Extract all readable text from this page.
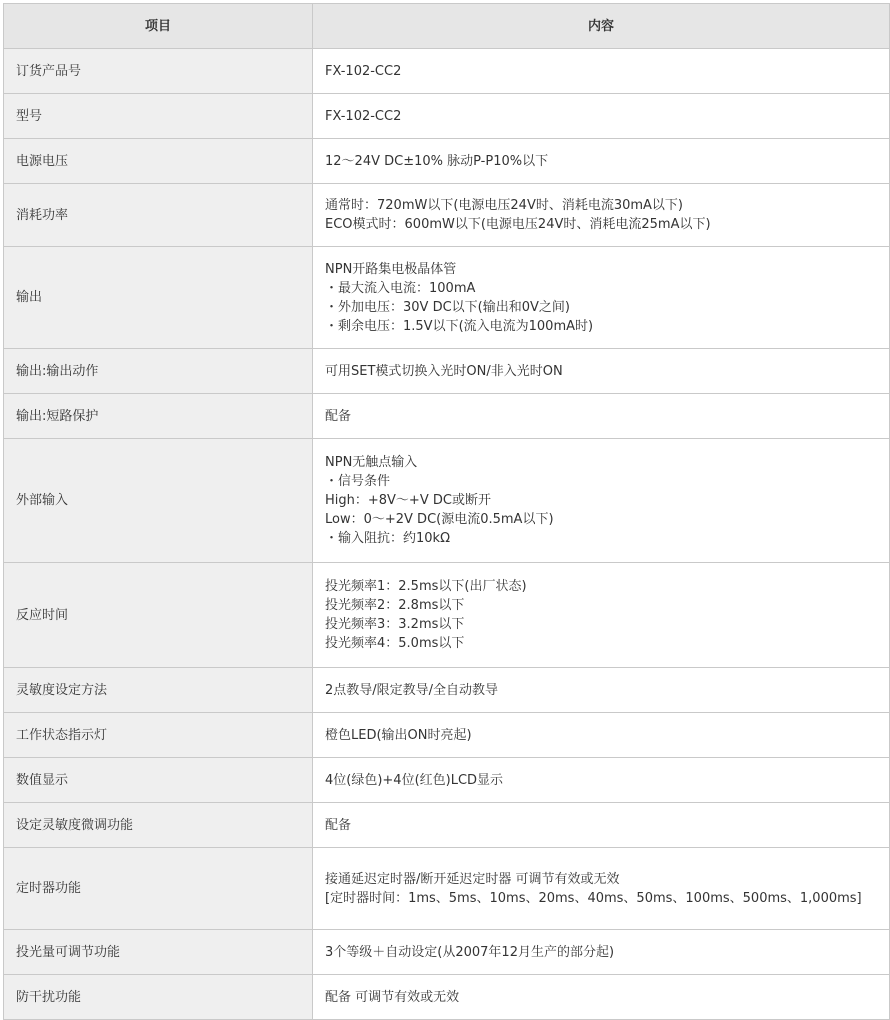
项目	内容
订货产品号	FX-102-CC2

型号	FX-102-CC2

电源电压	12～24V DC±10% 脉动P-P10%以下

消耗功率	通常时：720mW以下(电源电压24V时、消耗电流30mA以下)
ECO模式时：600mW以下(电源电压24V时、消耗电流25mA以下)

输出	NPN开路集电极晶体管
・最大流入电流：100mA
・外加电压：30V DC以下(输出和0V之间)
・剩余电压：1.5V以下(流入电流为100mA时)

输出:输出动作	可用SET模式切换入光时ON/非入光时ON

输出:短路保护	配备

外部输入	NPN无触点输入
・信号条件
High：+8V～+V DC或断开
Low：0～+2V DC(源电流0.5mA以下)
・输入阻抗：约10kΩ

反应时间	投光频率1：2.5ms以下(出厂状态)
投光频率2：2.8ms以下
投光频率3：3.2ms以下
投光频率4：5.0ms以下

灵敏度设定方法	2点教导/限定教导/全自动教导

工作状态指示灯	橙色LED(输出ON时亮起)

数值显示	4位(绿色)+4位(红色)LCD显示

设定灵敏度微调功能	配备

定时器功能	接通延迟定时器/断开延迟定时器 可调节有效或无效
[定时器时间：1ms、5ms、10ms、20ms、40ms、50ms、100ms、500ms、1,000ms]

投光量可调节功能	3个等级＋自动设定(从2007年12月生产的部分起)

防干扰功能	配备 可调节有效或无效
